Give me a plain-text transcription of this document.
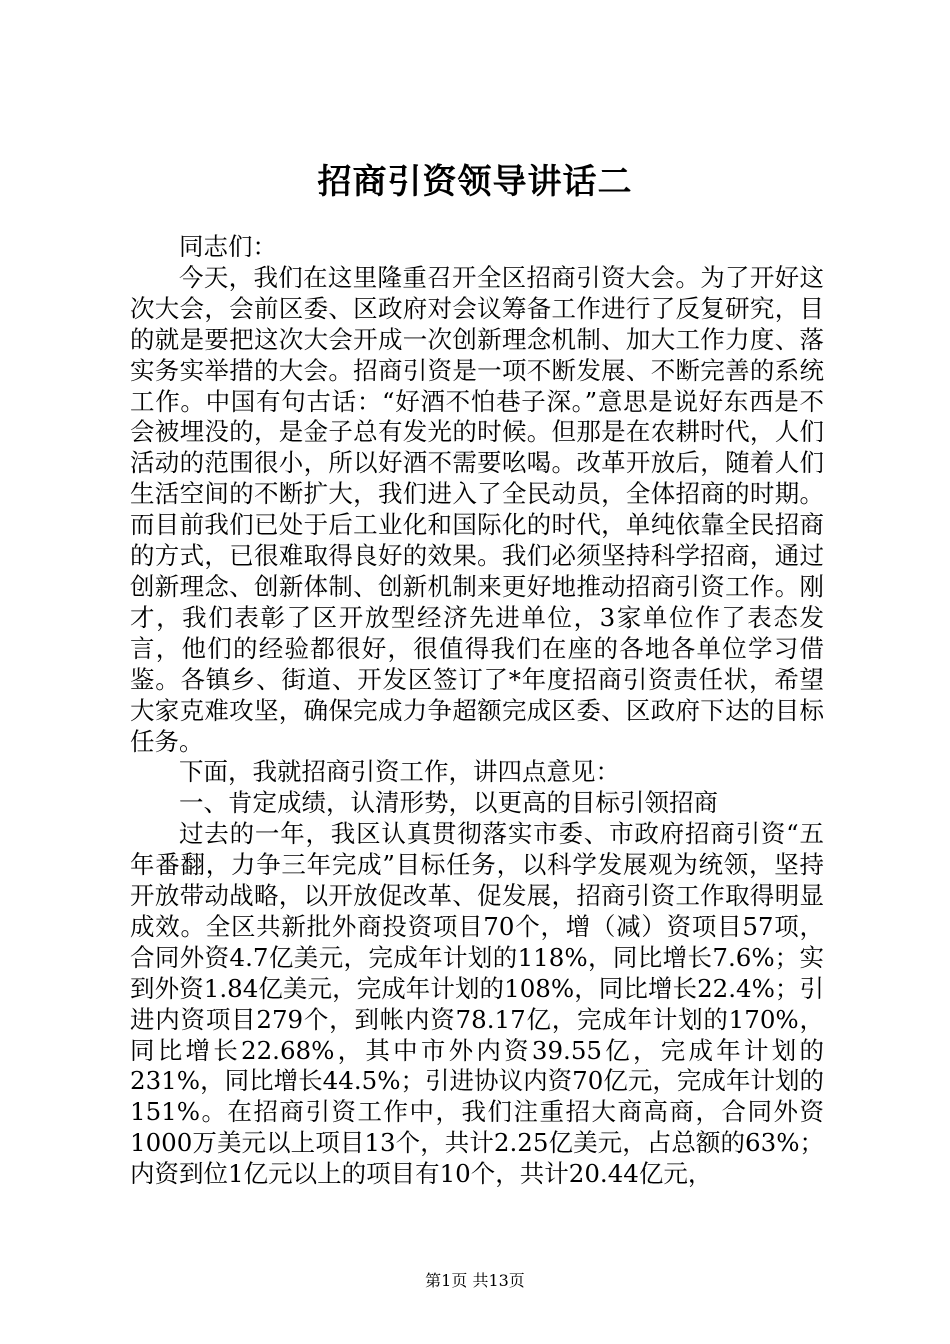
招商引资领导讲话二

同志们：

今天，我们在这里隆重召开全区招商引资大会。为了开好这次大会，会前区委、区政府对会议筹备工作进行了反复研究，目的就是要把这次大会开成一次创新理念机制、加大工作力度、落实务实举措的大会。招商引资是一项不断发展、不断完善的系统工作。中国有句古话：“好酒不怕巷子深。”意思是说好东西是不会被埋没的，是金子总有发光的时候。但那是在农耕时代，人们活动的范围很小，所以好酒不需要吆喝。改革开放后，随着人们生活空间的不断扩大，我们进入了全民动员，全体招商的时期。而目前我们已处于后工业化和国际化的时代，单纯依靠全民招商的方式，已很难取得良好的效果。我们必须坚持科学招商，通过创新理念、创新体制、创新机制来更好地推动招商引资工作。刚才，我们表彰了区开放型经济先进单位，3家单位作了表态发言，他们的经验都很好，很值得我们在座的各地各单位学习借鉴。各镇乡、街道、开发区签订了*年度招商引资责任状，希望大家克难攻坚，确保完成力争超额完成区委、区政府下达的目标任务。

下面，我就招商引资工作，讲四点意见：

一、肯定成绩，认清形势，以更高的目标引领招商

过去的一年，我区认真贯彻落实市委、市政府招商引资“五年番翻，力争三年完成”目标任务，以科学发展观为统领，坚持开放带动战略，以开放促改革、促发展，招商引资工作取得明显成效。全区共新批外商投资项目70个，增（减）资项目57项，合同外资4.7亿美元，完成年计划的118%，同比增长7.6%；实到外资1.84亿美元，完成年计划的108%，同比增长22.4%；引进内资项目279个，到帐内资78.17亿，完成年计划的170%，同比增长22.68%，其中市外内资39.55亿，完成年计划的231%，同比增长44.5%；引进协议内资70亿元，完成年计划的151%。在招商引资工作中，我们注重招大商高商，合同外资1000万美元以上项目13个，共计2.25亿美元，占总额的63%；内资到位1亿元以上的项目有10个，共计20.44亿元，

第1页 共13页
